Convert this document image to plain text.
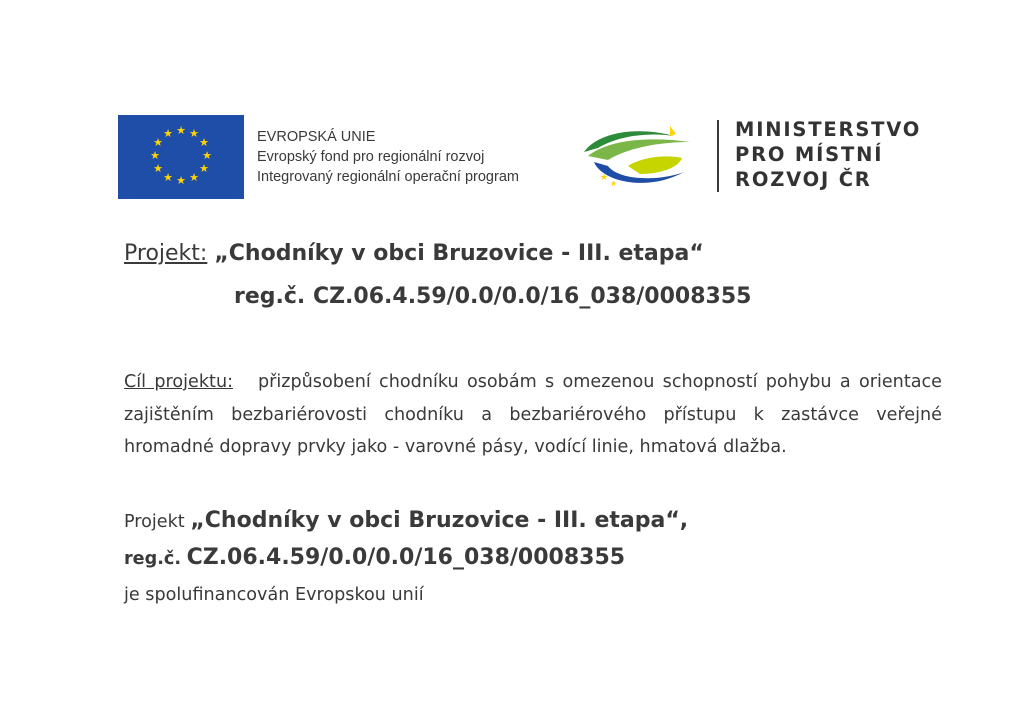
★ ★
★
★
★
★
★
★
★
★
★
★	EVROPSKÁ UNIE
Evropský fond pro regionální rozvoj
Integrovaný regionální operační program	★
★
MINISTERSTVO
PRO MÍSTNÍ
ROZVOJ ČR
Projekt: „Chodníky v obci Bruzovice - III. etapa“
reg.č. CZ.06.4.59/0.0/0.0/16_038/0008355
Cíl projektu: přizpůsobení chodníku osobám s omezenou schopností pohybu a orientace zajištěním bezbariérovosti chodníku a bezbariérového přístupu k zastávce veřejné hromadné dopravy prvky jako - varovné pásy, vodící linie, hmatová dlažba.
Projekt „Chodníky v obci Bruzovice - III. etapa“,
reg.č. CZ.06.4.59/0.0/0.0/16_038/0008355
je spolufinancován Evropskou unií
